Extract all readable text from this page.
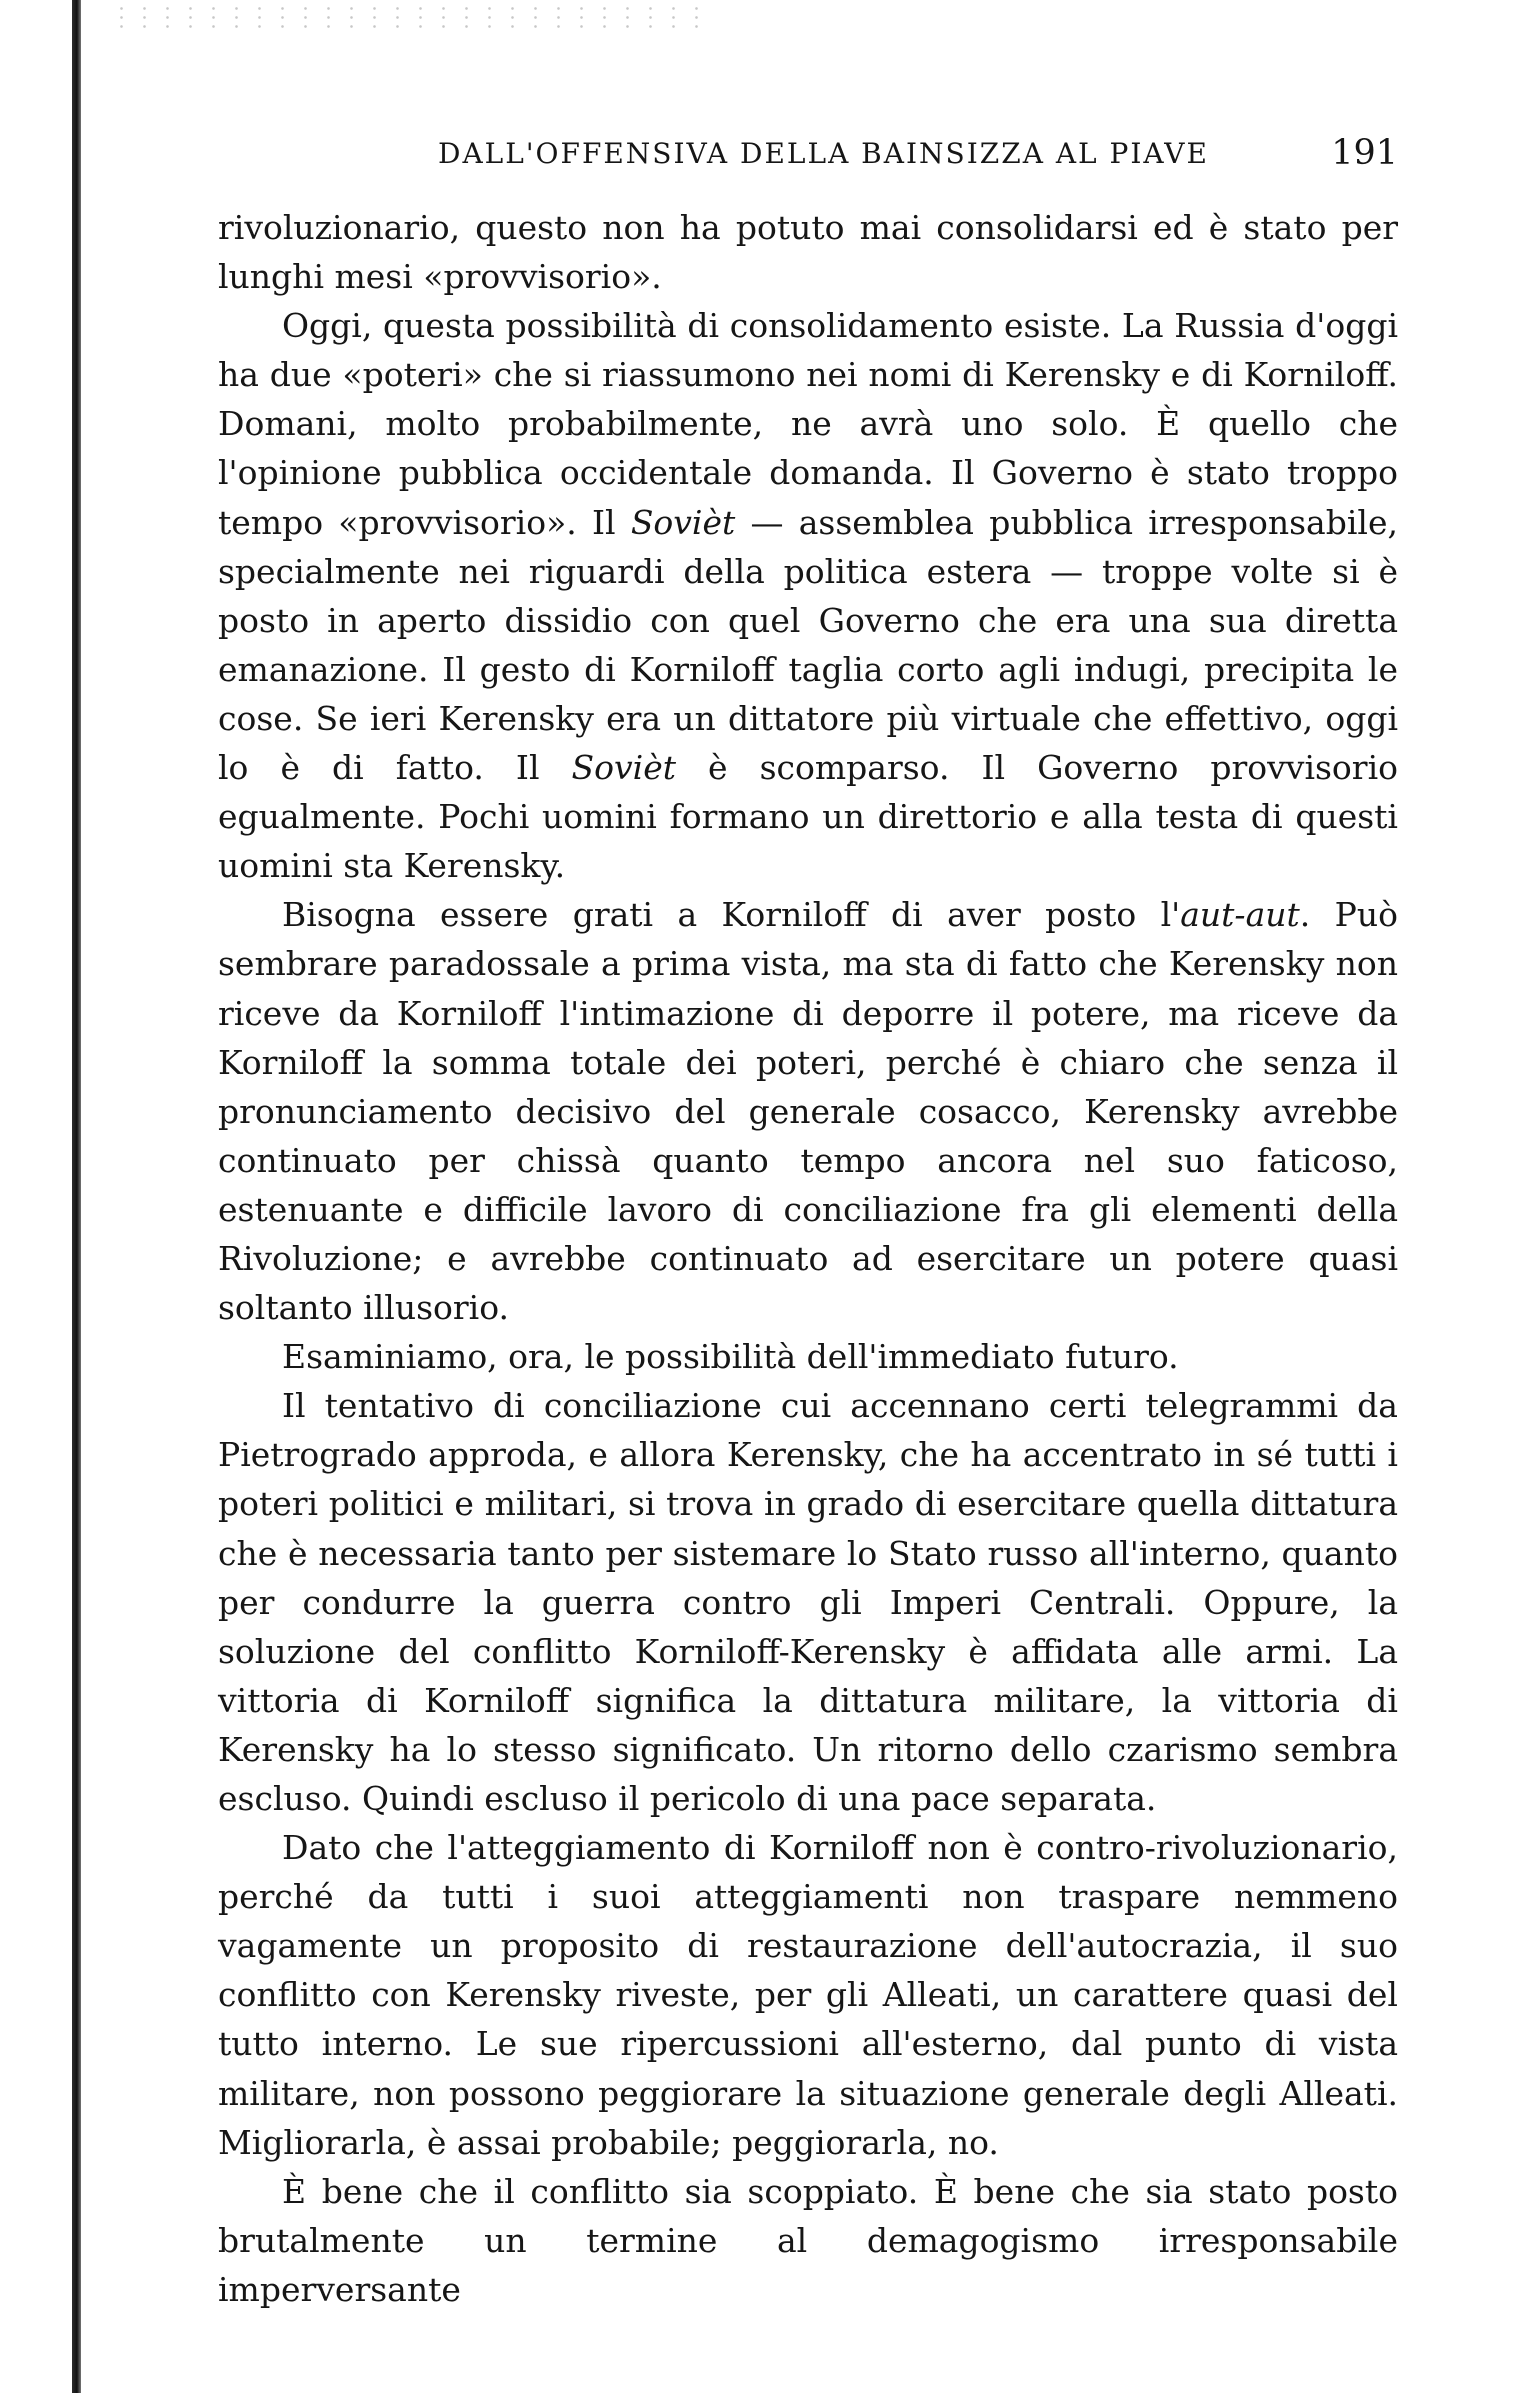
DALL'OFFENSIVA DELLA BAINSIZZA AL PIAVE	191

rivoluzionario, questo non ha potuto mai consolidarsi ed è stato per lunghi mesi «provvisorio».

Oggi, questa possibilità di consolidamento esiste. La Russia d'oggi ha due «poteri» che si riassumono nei nomi di Kerensky e di Korniloff. Domani, molto probabilmente, ne avrà uno solo. È quello che l'opinione pubblica occidentale domanda. Il Governo è stato troppo tempo «provvisorio». Il Sovièt — assemblea pubblica irresponsabile, specialmente nei riguardi della politica estera — troppe volte si è posto in aperto dissidio con quel Governo che era una sua diretta emanazione. Il gesto di Korniloff taglia corto agli indugi, precipita le cose. Se ieri Kerensky era un dittatore più virtuale che effettivo, oggi lo è di fatto. Il Sovièt è scomparso. Il Governo provvisorio egualmente. Pochi uomini formano un direttorio e alla testa di questi uomini sta Kerensky.

Bisogna essere grati a Korniloff di aver posto l'aut-aut. Può sembrare paradossale a prima vista, ma sta di fatto che Kerensky non riceve da Korniloff l'intimazione di deporre il potere, ma riceve da Korniloff la somma totale dei poteri, perché è chiaro che senza il pronunciamento decisivo del generale cosacco, Kerensky avrebbe continuato per chissà quanto tempo ancora nel suo faticoso, estenuante e difficile lavoro di conciliazione fra gli elementi della Rivoluzione; e avrebbe continuato ad esercitare un potere quasi soltanto illusorio.

Esaminiamo, ora, le possibilità dell'immediato futuro.

Il tentativo di conciliazione cui accennano certi telegrammi da Pietrogrado approda, e allora Kerensky, che ha accentrato in sé tutti i poteri politici e militari, si trova in grado di esercitare quella dittatura che è necessaria tanto per sistemare lo Stato russo all'interno, quanto per condurre la guerra contro gli Imperi Centrali. Oppure, la soluzione del conflitto Korniloff-Kerensky è affidata alle armi. La vittoria di Korniloff significa la dittatura militare, la vittoria di Kerensky ha lo stesso significato. Un ritorno dello czarismo sembra escluso. Quindi escluso il pericolo di una pace separata.

Dato che l'atteggiamento di Korniloff non è contro-rivoluzionario, perché da tutti i suoi atteggiamenti non traspare nemmeno vagamente un proposito di restaurazione dell'autocrazia, il suo conflitto con Kerensky riveste, per gli Alleati, un carattere quasi del tutto interno. Le sue ripercussioni all'esterno, dal punto di vista militare, non possono peggiorare la situazione generale degli Alleati. Migliorarla, è assai probabile; peggiorarla, no.

È bene che il conflitto sia scoppiato. È bene che sia stato posto brutalmente un termine al demagogismo irresponsabile imperversante
